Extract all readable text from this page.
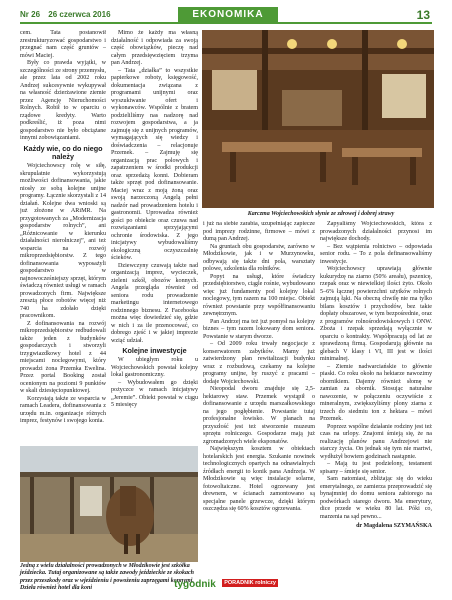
Nr 26 26 czerwca 2016	EKONOMIKA	13

cem. Tata postanowił zrestrukturyzować gospodarstwo i przegnać nam część gruntów – mówi Maciej.

Były co prawda wyjątki, w szczególności ze strony przemysłu, ale przez lata od 2002 roku Andrzej sukcesywnie wykupywał na własność dzierżawione ziemie przez Agencję Nieruchomości Rolnych. Robił to w oparciu o rządowe kredyty. Warto podkreślić, iż poza nimi gospodarstwo nie było obciążane innymi zobowiązaniami.

Każdy wie, co do niego należy

Wojciechowscy rolę w siłę, skrupulatnie wykorzystują możliwości dofinansowania, jakie niosły ze sobą kolejne unijne programy. Łącznie skorzystali z 14 działań. Kolejne dwa wnioski są już złożone w ARiMR. Na przygotowanych za „Modernizacja gospodarstw rolnych”, ani „Różnicowanie w kierunku działalności nierolniczej”, ani też wsparcia na rozwój mikroprzedsiębiorstw. Z tego dofinansowania wyposażyli gospodarstwo w najnowocześniejszy sprzęt, którym świadczą również usługi w ramach prowadzonych firm. Największe zresztą płoce robotów więcej niż 740 ha zdołało dzięki pracownikom.

Z dofinansowania na rozwój mikroprzedsiębiorstw redbudowali także jeden z budynków gospodarczych i stworzyli trzygwiazdkowy hotel z 44 miejscami noclegowymi, który prowadzi żona Przemka Ewelina. Przez portal Booking został ocenionym na poziomi 9 punktów w skali dziesięciopunktowej.

Korzystają także ze wsparcia w ramach Leadera, dofinansowania z urzędu m.in. organizacje różnych imprez, festynów i swojego konia.

Mimo że każdy ma własną działalność i odpowiada za swoją część obowiązków, pieczę nad całym przedsięwzięciem trzyma pan Andrzej.

– Tata „działka” to wszystkie papierkowe roboty, księgowość, dokumentacja związana z programami unijnymi oraz wyszukiwanie ofert i wykonawców. Wspólnie z bratem podzieliliśmy nas nadzorę nad rozwojem gospodarstwa, a ja zajmuję się z unijnych programów, wymagających się wiedzy i doświadczenia – relacjonuje Przemek. – Zajmuję się organizacją prac polowych i zapatrzeniem w środki produkcji oraz sprzedażą konni. Dobieram także sprzęt pod dofinansowanie. Maciej wraz z moją żoną oraz swoją narzeczoną Angelą pełni nadzór nad prowadzeniem hotelu i gastronomii. Uprowadza również gości po obiekcie oraz czuwa nad rozwiązaniami sprzyjającymi ochronie środowiska. Z jego inicjatywy wybudowaliśmy ekologiczną oczyszczalnię ścieków.

Dziewczyny czuwają także nad organizacją imprez, wycieczek, zieleni szkół, obozów konnych. Angela przegląda również od seniora rodu prowadzenie marketingu internetowego rodzinnego biznesu. Z Facebooka można więc dowiedzieć się, gdzie w nich i za ile przenocować, co dobrego zjeść i w jakiej imprezie wziąć udział.

Kolejne inwestycje

W ubiegłym roku u Wojciechowskich powstał kolejny lokal gastronomiczny.

– Wybudowałem go dzięki pożyczce w ramach inicjatywy „Jeremie”. Obiekt powstał w ciągu 5 miesięcy

Karczma Wojciechowskich słynie ze zdrowej i dobrej strawy

i już na siebie zarabia, uzupełniając zapiecze pod imprezy rodzinne, firmowe – mówi z dumą pan Andrzej.

Na gruntach obu gospodarstw, zarówno w Młodzikowie, jak i w Murzynowku, odbywają się także dni pola, warsztaty polowe, szkolenia dla rolników.

Popyt na usługi, które świadczy przedsiębiorstwo, ciągle rośnie, wybudowano więc już fundamenty pod kolejny lokal noclegowy, tym razem na 100 miejsc. Obiekt również powstanie przy współfinansowaniu zewnętrznym.

Pan Andrzej ma też już pomysł na kolejny biznes – tym razem lokowany dom seniora. Powstanie w starym dworze.

– Od 2009 roku trwały negocjacje z konserwatorem zabytków. Mamy już zatwierdzony plan rewitalizacji budynku wraz z rozbudową, czekamy na kolejne programy unijne, by ruszyć z pracami – dodaje Wojciechowski.

Nieopodal dworu znajduje się 2,5-hektarowy staw. Przemek wystąpił o dofinansowanie z urzędu marszałkowskiego na jego pogłębienie. Powstanie tutaj profesjonalne łowisko. W planach na przyszłość jest też stworzenie muzeum sprzętu rolniczego. Gospodarze mają już zgromadzonych wiele eksponatów.

Największym kosztem w obiektach hotelarskich jest energia. Szukanie nowinek technologicznych opartych na odnawialnych źródłach energii to konik pana Andrzeja. W Młodzikowie są więc instalacje solarne, fotowoltaiczne. Hotel ogrzewany jest drewnem, w ścianach zamontowano są specjalne panele grzewcze, dzięki którym oszczędza się 60% kosztów ogrzewania.

Zapyaliśmy Wojciechowskich, która z prowadzonych działalności przynosi im największe dochody.

– Bez wątpienia rolnictwo – odpowiada senior rodu. – To z pola definansowaliśmy inwestycje.

Wojciechowscy uprawiają głównie kukurydzę na ziarno (50% areału), pszenicę, rzepak oraz w niewielkiej ilości żyto. Około 5–6% łącznej powierzchni użytków rolnych zajmują łąki. Na obecną chwilę nie ma tylko bilans kosztów i przychodów, bez takie dopłaty obszarowe, w tym bezpośrednie, oraz z programów rolnośrodowiskowych i ONW. Zboża i rzepak sprzedają wyłącznie w oparciu o kontrakty. Współpracują od lat ze sprawdzoną firmą. Gospodarują głównie na glebach V klasy i VI, III jest w ilości minimalnej.

– Ziemie nadwarciańskie to głównie piaski. Co roku około na hektarze nawozimy obornikiem. Dajemy również słomę w zamian za obornik. Stosując naturalne nawozenie, w połączeniu oczywiście z mineralnym, zwiększyliśmy plony ziarna z trzech do siedmiu ton z hektara – mówi Przemek.

Poprzez wspólne działanie rodziny jest też czas na urlopy. Znajomi śmieją się, że na realizację planów panu Andrzejowi nie starczy życia. On jednak się tym nie martwi, wydłużył bowiem godzinach nastąpnie.

– Mają tu jest podzielony, testament spisany – śmieje się senior.

Sam natomiast, zbliżając się do wieku emerytalnego, ze zamierza przeprowadzić się bynajmniej do domu seniora zabiorego na podwórkach starego dworu. Ma emerytury, dice przede w wieku 80 lat. Póki co, marzenia na sąd pewno...

dr Magdalena SZYMAŃSKA
Jedną z wielu działalności prowadzonych w Młodzikowie jest szkółka jeździecka. Tutaj organizowane są także zawody jeździeckie ze skokach przez przeszkody oraz w wjeździeniu i powożeniu zaprzęgami konnymi. Dzieła również hotel dla koni	tygodnik PORADNIK rolniczy
